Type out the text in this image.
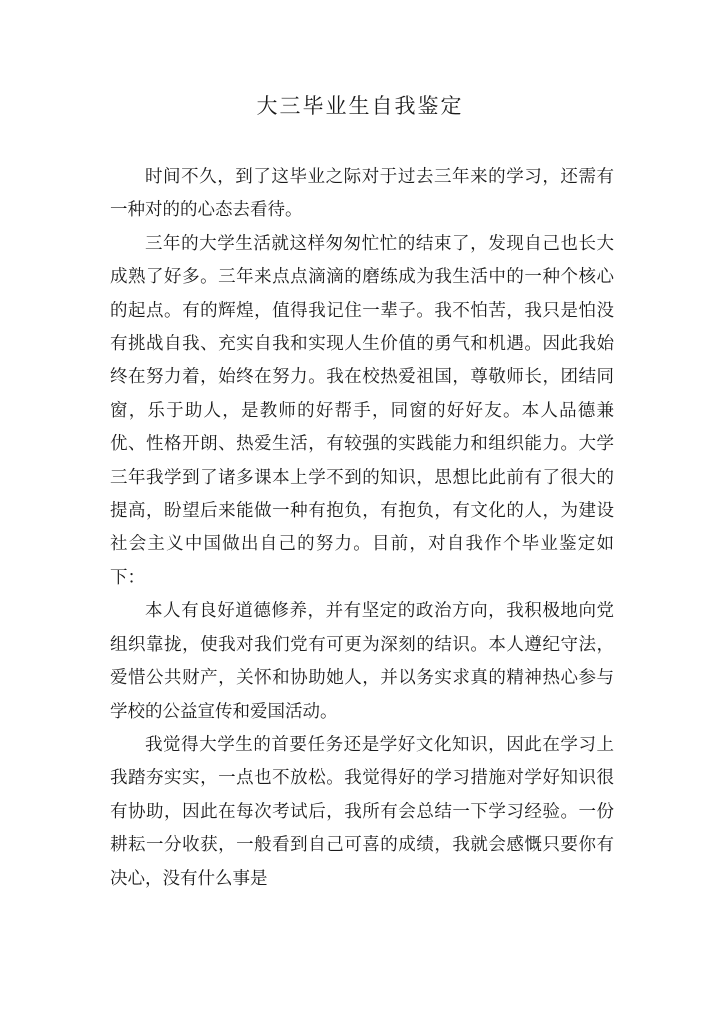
大三毕业生自我鉴定

时间不久，到了这毕业之际对于过去三年来的学习，还需有一种对的的心态去看待。

三年的大学生活就这样匆匆忙忙的结束了，发现自己也长大成熟了好多。三年来点点滴滴的磨练成为我生活中的一种个核心的起点。有的辉煌，值得我记住一辈子。我不怕苦，我只是怕没有挑战自我、充实自我和实现人生价值的勇气和机遇。因此我始终在努力着，始终在努力。我在校热爱祖国，尊敬师长，团结同窗，乐于助人，是教师的好帮手，同窗的好好友。本人品德兼优、性格开朗、热爱生活，有较强的实践能力和组织能力。大学三年我学到了诸多课本上学不到的知识，思想比此前有了很大的提高，盼望后来能做一种有抱负，有抱负，有文化的人，为建设社会主义中国做出自己的努力。目前，对自我作个毕业鉴定如下：

本人有良好道德修养，并有坚定的政治方向，我积极地向党组织靠拢，使我对我们党有可更为深刻的结识。本人遵纪守法，爱惜公共财产，关怀和协助她人，并以务实求真的精神热心参与学校的公益宣传和爱国活动。

我觉得大学生的首要任务还是学好文化知识，因此在学习上我踏夯实实，一点也不放松。我觉得好的学习措施对学好知识很有协助，因此在每次考试后，我所有会总结一下学习经验。一份耕耘一分收获，一般看到自己可喜的成绩，我就会感慨只要你有决心，没有什么事是
